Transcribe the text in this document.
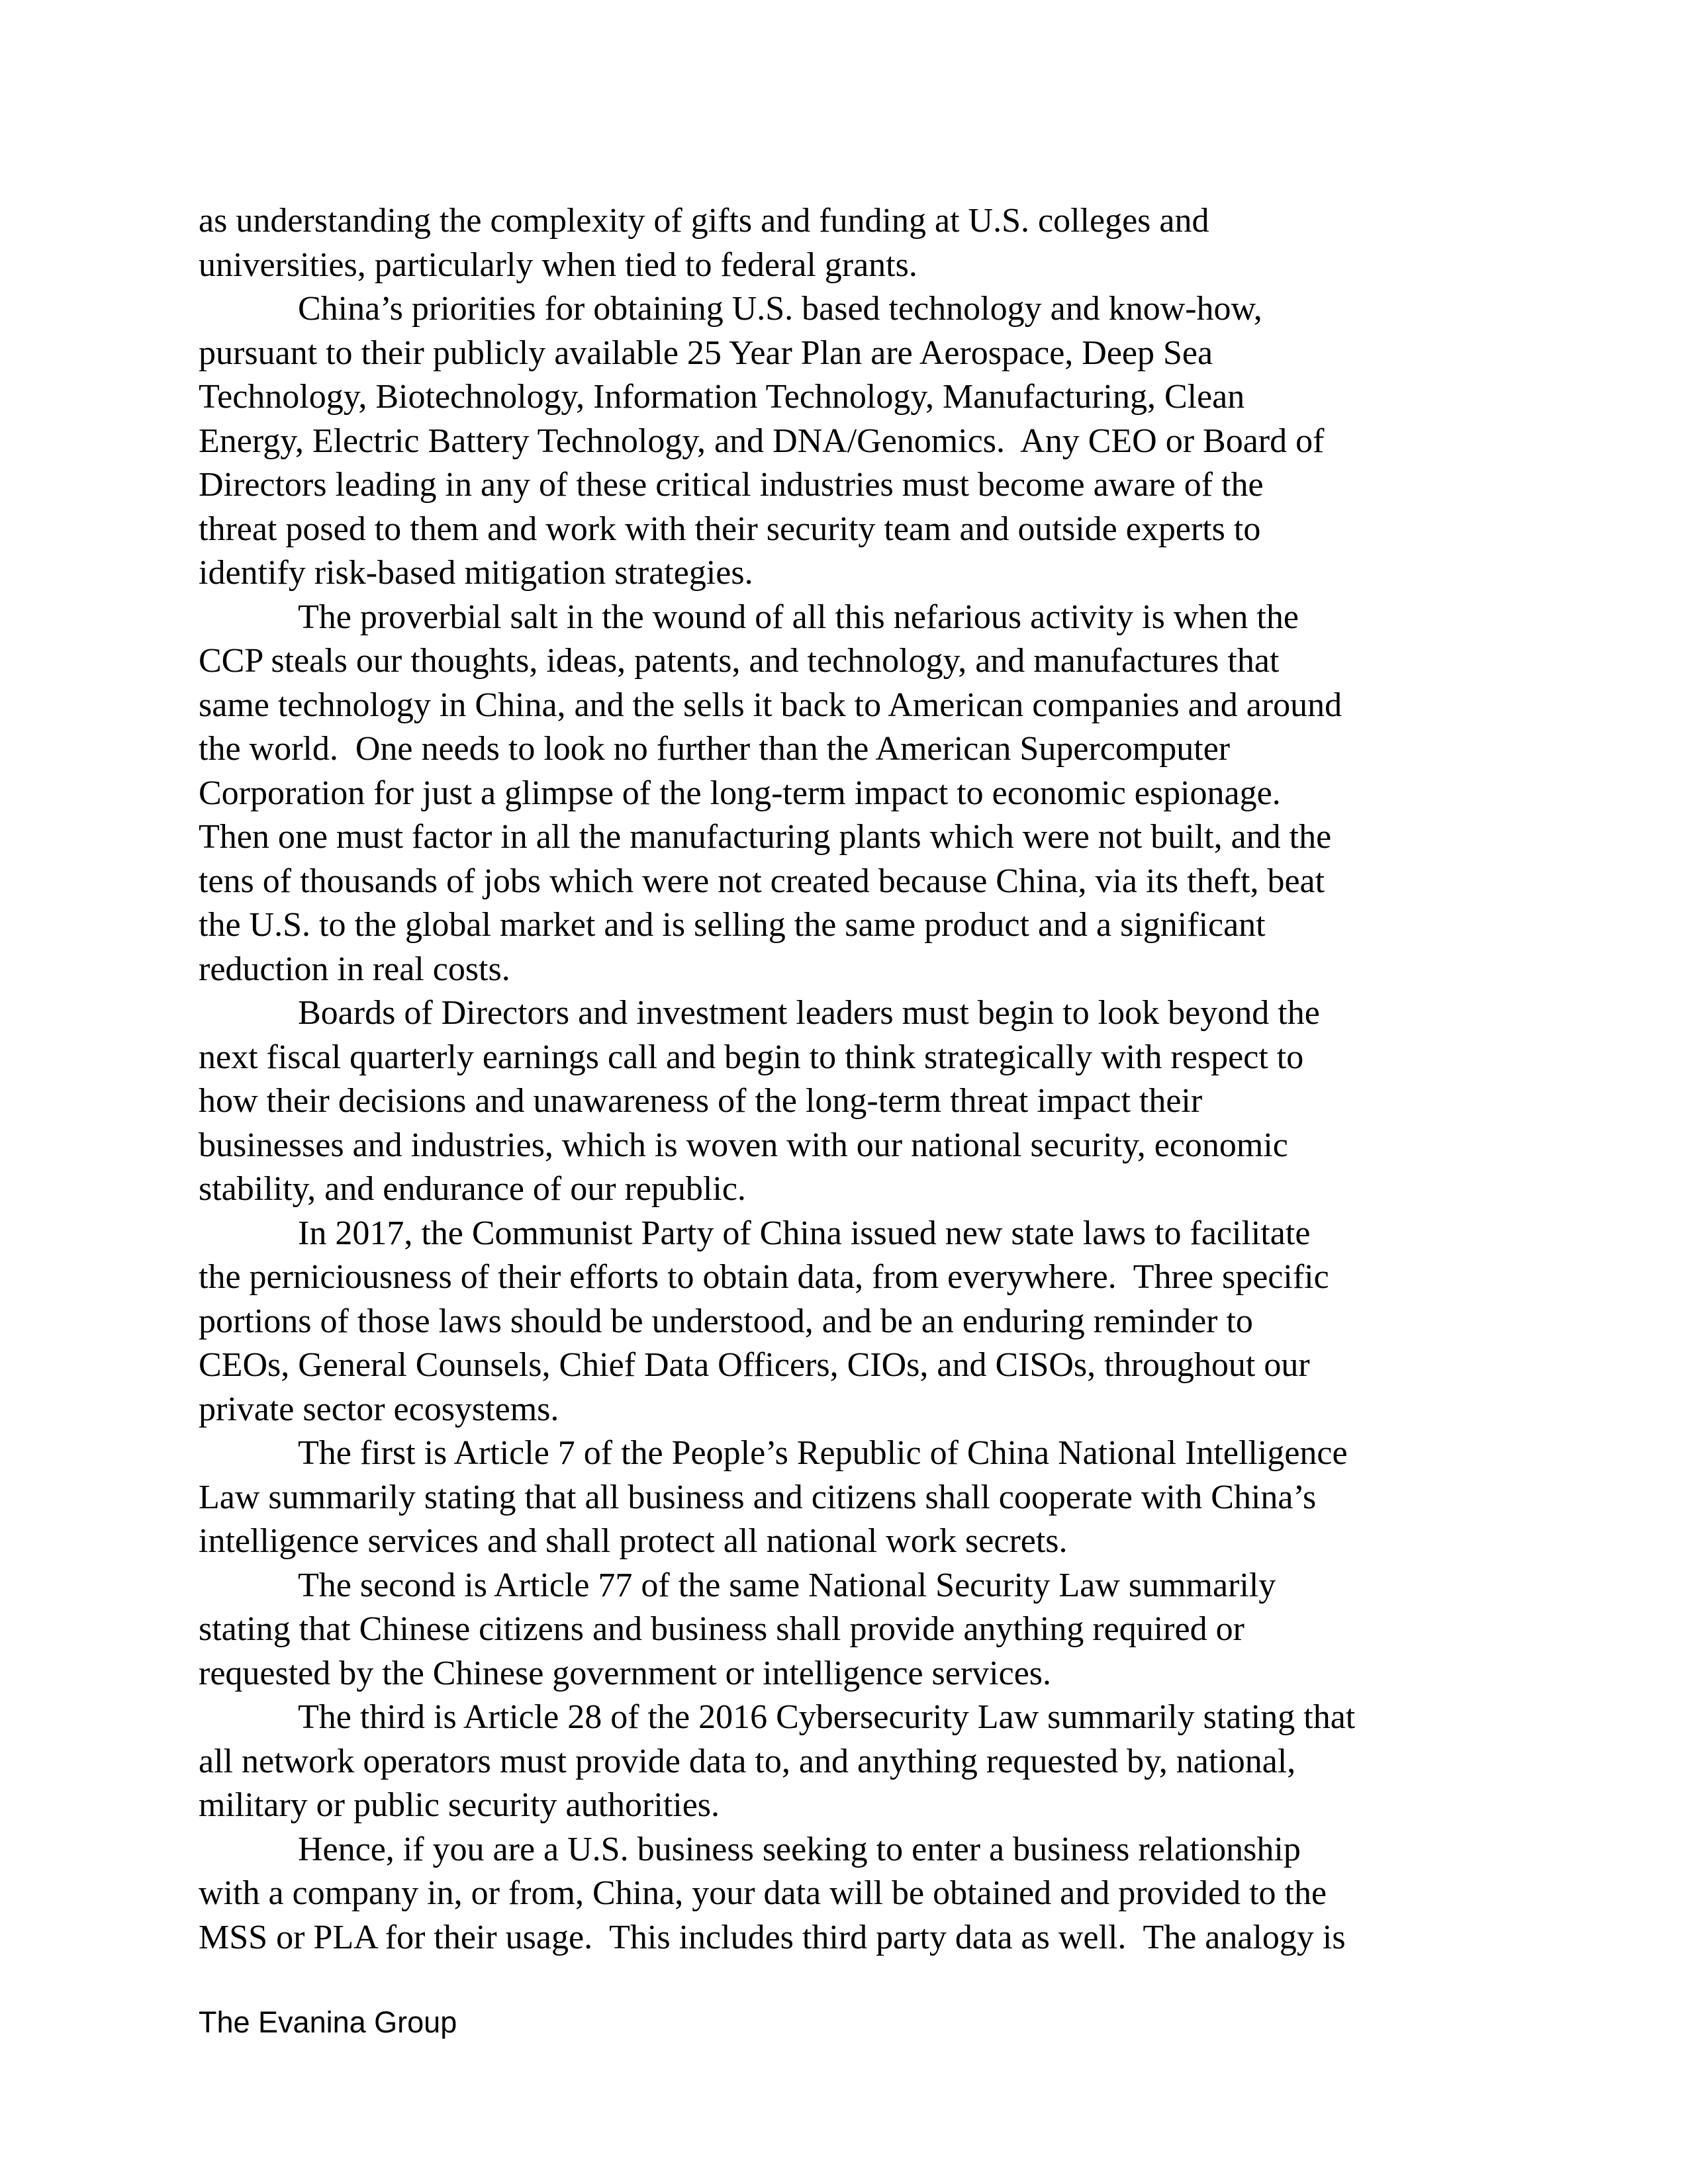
as understanding the complexity of gifts and funding at U.S. colleges and
universities, particularly when tied to federal grants.
China’s priorities for obtaining U.S. based technology and know-how,
pursuant to their publicly available 25 Year Plan are Aerospace, Deep Sea
Technology, Biotechnology, Information Technology, Manufacturing, Clean
Energy, Electric Battery Technology, and DNA/Genomics.  Any CEO or Board of
Directors leading in any of these critical industries must become aware of the
threat posed to them and work with their security team and outside experts to
identify risk-based mitigation strategies.
The proverbial salt in the wound of all this nefarious activity is when the
CCP steals our thoughts, ideas, patents, and technology, and manufactures that
same technology in China, and the sells it back to American companies and around
the world.  One needs to look no further than the American Supercomputer
Corporation for just a glimpse of the long-term impact to economic espionage.
Then one must factor in all the manufacturing plants which were not built, and the
tens of thousands of jobs which were not created because China, via its theft, beat
the U.S. to the global market and is selling the same product and a significant
reduction in real costs.
Boards of Directors and investment leaders must begin to look beyond the
next fiscal quarterly earnings call and begin to think strategically with respect to
how their decisions and unawareness of the long-term threat impact their
businesses and industries, which is woven with our national security, economic
stability, and endurance of our republic.
In 2017, the Communist Party of China issued new state laws to facilitate
the perniciousness of their efforts to obtain data, from everywhere.  Three specific
portions of those laws should be understood, and be an enduring reminder to
CEOs, General Counsels, Chief Data Officers, CIOs, and CISOs, throughout our
private sector ecosystems.
The first is Article 7 of the People’s Republic of China National Intelligence
Law summarily stating that all business and citizens shall cooperate with China’s
intelligence services and shall protect all national work secrets.
The second is Article 77 of the same National Security Law summarily
stating that Chinese citizens and business shall provide anything required or
requested by the Chinese government or intelligence services.
The third is Article 28 of the 2016 Cybersecurity Law summarily stating that
all network operators must provide data to, and anything requested by, national,
military or public security authorities.
Hence, if you are a U.S. business seeking to enter a business relationship
with a company in, or from, China, your data will be obtained and provided to the
MSS or PLA for their usage.  This includes third party data as well.  The analogy is
The Evanina Group
